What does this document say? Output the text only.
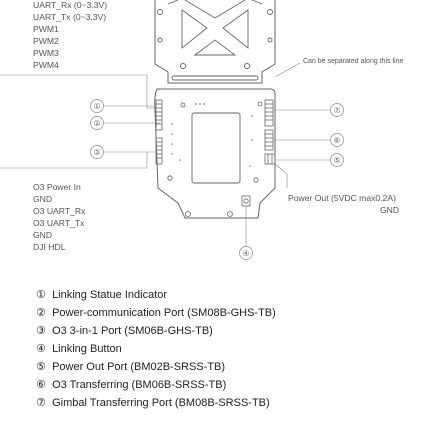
①
②
③
④
⑤
⑥
⑦
UART_Rx (0~3.3V)
UART_Tx (0~3.3V)
PWM1
PWM2
PWM3
PWM4	Can be separated along this line
O3 Power In
GND
O3 UART_Rx
O3 UART_Tx
GND
DJI HDL
Power Out (5VDC max0.2A)
GND
① Linking Statue Indicator
② Power-communication Port (SM08B-GHS-TB)
③ O3 3-in-1 Port (SM06B-GHS-TB)
④ Linking Button
⑤ Power Out Port (BM02B-SRSS-TB)
⑥ O3 Transferring (BM06B-SRSS-TB)
⑦ Gimbal Transferring Port (BM08B-SRSS-TB)
